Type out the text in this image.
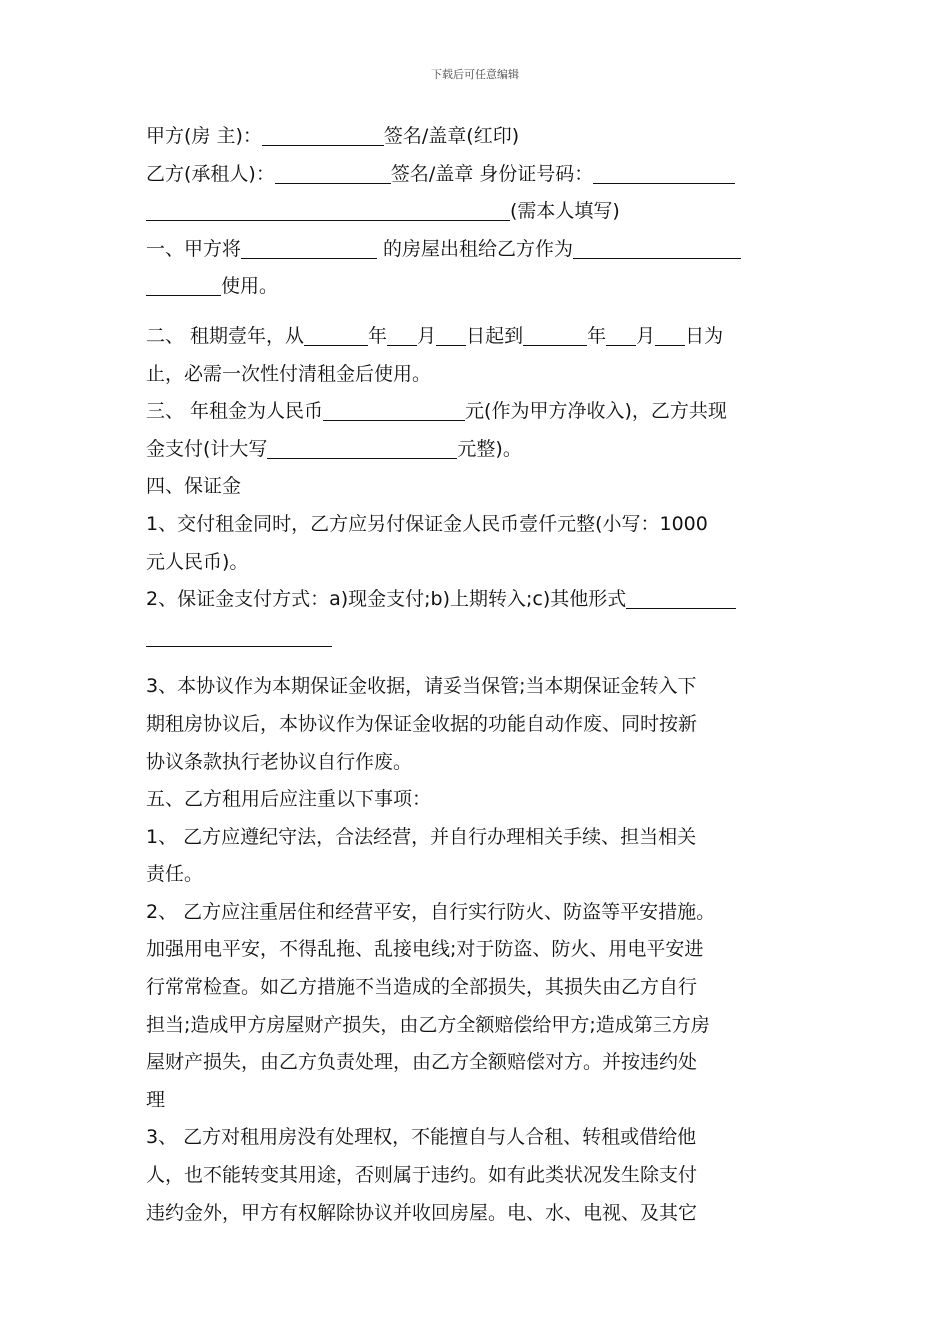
下载后可任意编辑
甲方(房 主)：	签名/盖章(红印)
乙方(承租人)：	签名/盖章 身份证号码：
(需本人填写)
一、甲方将	的房屋出租给乙方作为
使用。
二、 租期壹年，从	年 月 日起到	年 月 日为
止，必需一次性付清租金后使用。
三、 年租金为人民币	元(作为甲方净收入)，乙方共现
金支付(计大写	元整)。
四、保证金
1、交付租金同时，乙方应另付保证金人民币壹仟元整(小写：1000
元人民币)。
2、保证金支付方式：a)现金支付;b)上期转入;c)其他形式
3、本协议作为本期保证金收据，请妥当保管;当本期保证金转入下
期租房协议后，本协议作为保证金收据的功能自动作废、同时按新
协议条款执行老协议自行作废。
五、乙方租用后应注重以下事项：
1、 乙方应遵纪守法，合法经营，并自行办理相关手续、担当相关
责任。
2、 乙方应注重居住和经营平安，自行实行防火、防盗等平安措施。
加强用电平安，不得乱拖、乱接电线;对于防盗、防火、用电平安进
行常常检查。如乙方措施不当造成的全部损失，其损失由乙方自行
担当;造成甲方房屋财产损失，由乙方全额赔偿给甲方;造成第三方房
屋财产损失，由乙方负责处理，由乙方全额赔偿对方。并按违约处
理
3、 乙方对租用房没有处理权，不能擅自与人合租、转租或借给他
人，也不能转变其用途，否则属于违约。如有此类状况发生除支付
违约金外，甲方有权解除协议并收回房屋。电、水、电视、及其它
